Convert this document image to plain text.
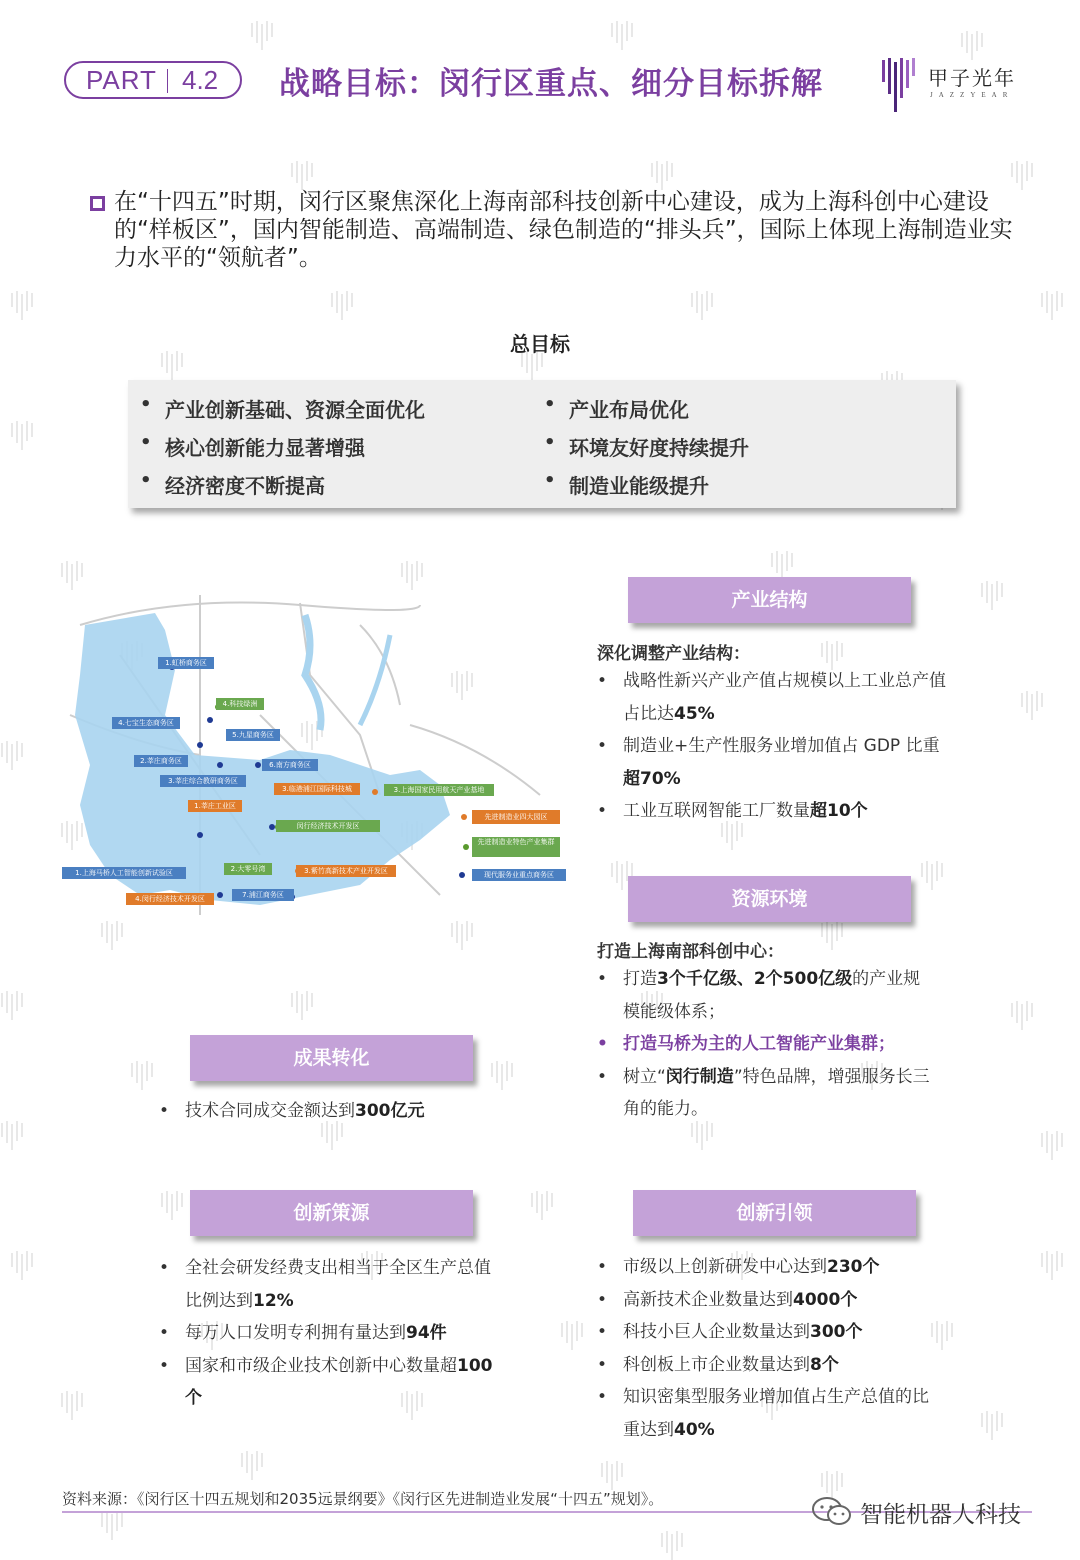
PART 4.2 战略目标：闵行区重点、细分目标拆解	甲子光年
JAZZYEAR
在“十四五”时期，闵行区聚焦深化上海南部科技创新中心建设，成为上海科创中心建设的“样板区”，国内智能制造、高端制造、绿色制造的“排头兵”，国际上体现上海制造业实力水平的“领航者”。
总目标
• 产业创新基础、资源全面优化
• 核心创新能力显著增强
• 经济密度不断提高
• 产业布局优化
• 环境友好度持续提升
• 制造业能级提升
1.虹桥商务区
4.科技绿洲
4.七宝生态商务区
5.九星商务区
2.莘庄商务区	6.南方商务区
3.莘庄综合教研商务区
3.临港浦江国际科技城	3.上海国家民用航天产业基地
1.莘庄工业区
闵行经济技术开发区
先进制造业四大园区
先进制造业特色产业集群
1.上海马桥人工智能创新试验区	2.大零号湾	3.紫竹高新技术产业开发区	现代服务业重点商务区
4.闵行经济技术开发区	7.浦江商务区
产业结构
深化调整产业结构：
• 战略性新兴产业产值占规模以上工业总产值占比达45%
• 制造业+生产性服务业增加值占 GDP 比重超70%
• 工业互联网智能工厂数量超10个
资源环境
打造上海南部科创中心：
• 打造3个千亿级、2个500亿级的产业规模能级体系；
• 打造马桥为主的人工智能产业集群；
• 树立“闵行制造”特色品牌，增强服务长三角的能力。
成果转化
• 技术合同成交金额达到300亿元
创新策源
• 全社会研发经费支出相当于全区生产总值比例达到12%
• 每万人口发明专利拥有量达到94件
• 国家和市级企业技术创新中心数量超100个
创新引领
• 市级以上创新研发中心达到230个
• 高新技术企业数量达到4000个
• 科技小巨人企业数量达到300个
• 科创板上市企业数量达到8个
• 知识密集型服务业增加值占生产总值的比重达到40%
资料来源：《闵行区十四五规划和2035远景纲要》《闵行区先进制造业发展“十四五”规划》。
智能机器人科技
